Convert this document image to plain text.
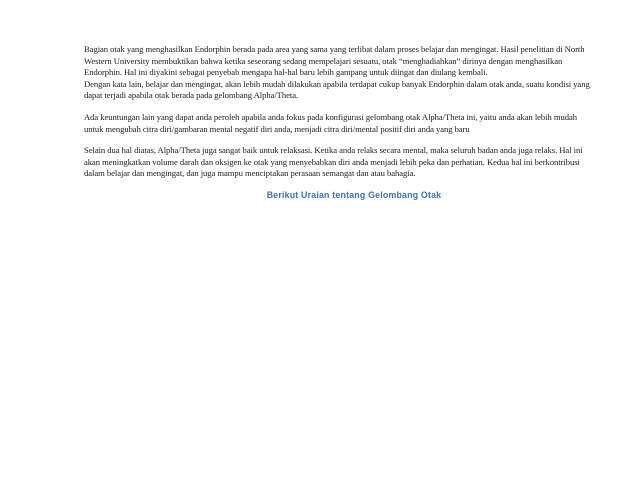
Bagian otak yang menghasilkan Endorphin berada pada area yang sama yang terlibat dalam proses belajar dan mengingat. Hasil penelitian di North Western University membuktikan bahwa ketika seseorang sedang mempelajari sesuatu, otak “menghadiahkan” dirinya dengan menghasilkan Endorphin. Hal ini diyakini sebagai penyebab mengapa hal-hal baru lebih gampang untuk diingat dan diulang kembali.

Dengan kata lain, belajar dan mengingat, akan lebih mudah dilakukan apabila terdapat cukup banyak Endorphin dalam otak anda, suatu kondisi yang dapat terjadi apabila otak berada pada gelombang Alpha/Theta.

Ada keuntungan lain yang dapat anda peroleh apabila anda fokus pada konfigurasi gelombang otak Alpha/Theta ini, yaitu anda akan lebih mudah untuk mengubah citra diri/gambaran mental negatif diri anda, menjadi citra diri/mental positif diri anda yang baru

Selain dua hal diatas, Alpha/Theta juga sangat baik untuk relaksasi. Ketika anda relaks secara mental, maka seluruh badan anda juga relaks. Hal ini akan meningkatkan volume darah dan oksigen ke otak yang menyebabkan diri anda menjadi lebih peka dan perhatian. Kedua hal ini berkontribusi dalam belajar dan mengingat, dan juga mampu menciptakan perasaan semangat dan atau bahagia.

Berikut Uraian tentang Gelombang Otak
